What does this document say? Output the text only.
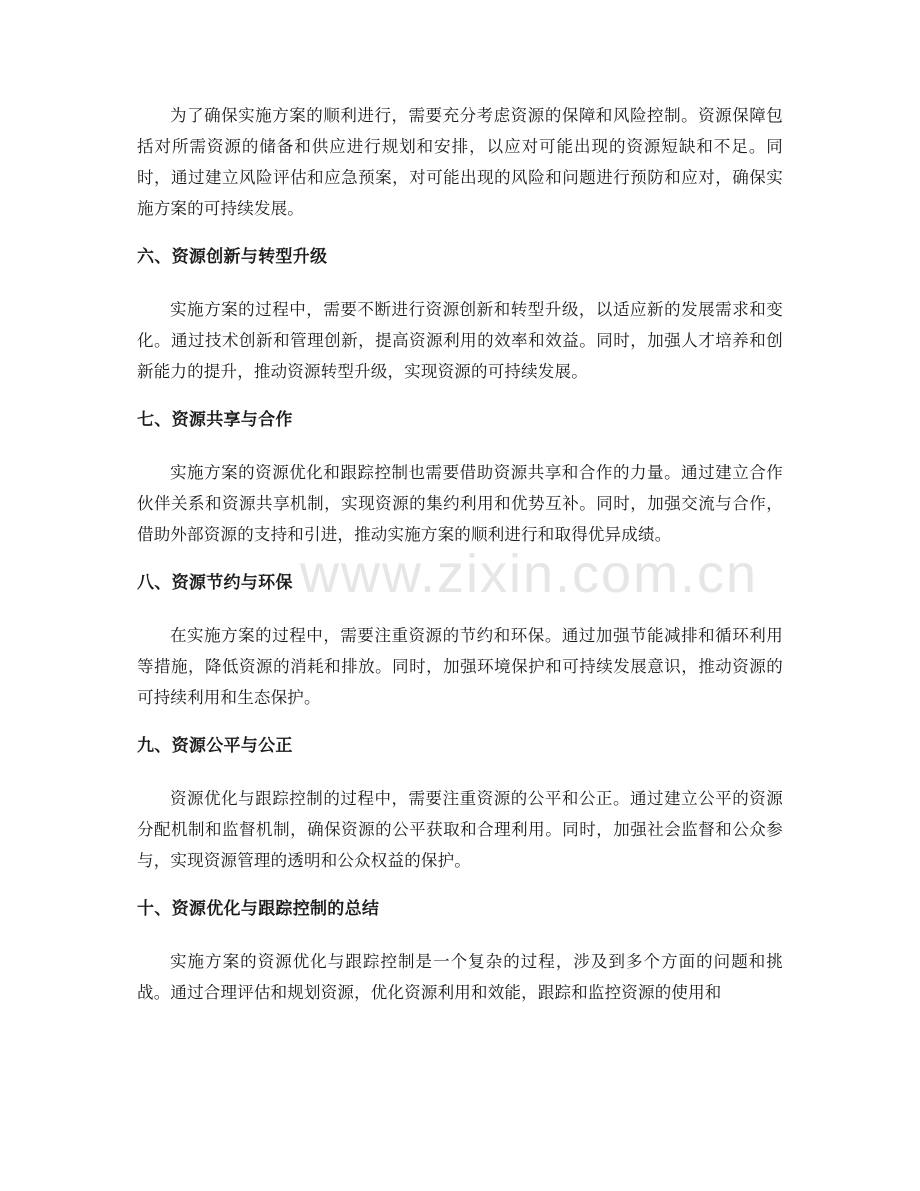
www.zixin.com.cn

为了确保实施方案的顺利进行，需要充分考虑资源的保障和风险控制。资源保障包括对所需资源的储备和供应进行规划和安排，以应对可能出现的资源短缺和不足。同时，通过建立风险评估和应急预案，对可能出现的风险和问题进行预防和应对，确保实施方案的可持续发展。

六、资源创新与转型升级

实施方案的过程中，需要不断进行资源创新和转型升级，以适应新的发展需求和变化。通过技术创新和管理创新，提高资源利用的效率和效益。同时，加强人才培养和创新能力的提升，推动资源转型升级，实现资源的可持续发展。

七、资源共享与合作

实施方案的资源优化和跟踪控制也需要借助资源共享和合作的力量。通过建立合作伙伴关系和资源共享机制，实现资源的集约利用和优势互补。同时，加强交流与合作，借助外部资源的支持和引进，推动实施方案的顺利进行和取得优异成绩。

八、资源节约与环保

在实施方案的过程中，需要注重资源的节约和环保。通过加强节能减排和循环利用等措施，降低资源的消耗和排放。同时，加强环境保护和可持续发展意识，推动资源的可持续利用和生态保护。

九、资源公平与公正

资源优化与跟踪控制的过程中，需要注重资源的公平和公正。通过建立公平的资源分配机制和监督机制，确保资源的公平获取和合理利用。同时，加强社会监督和公众参与，实现资源管理的透明和公众权益的保护。

十、资源优化与跟踪控制的总结

实施方案的资源优化与跟踪控制是一个复杂的过程，涉及到多个方面的问题和挑战。通过合理评估和规划资源，优化资源利用和效能，跟踪和监控资源的使用和
